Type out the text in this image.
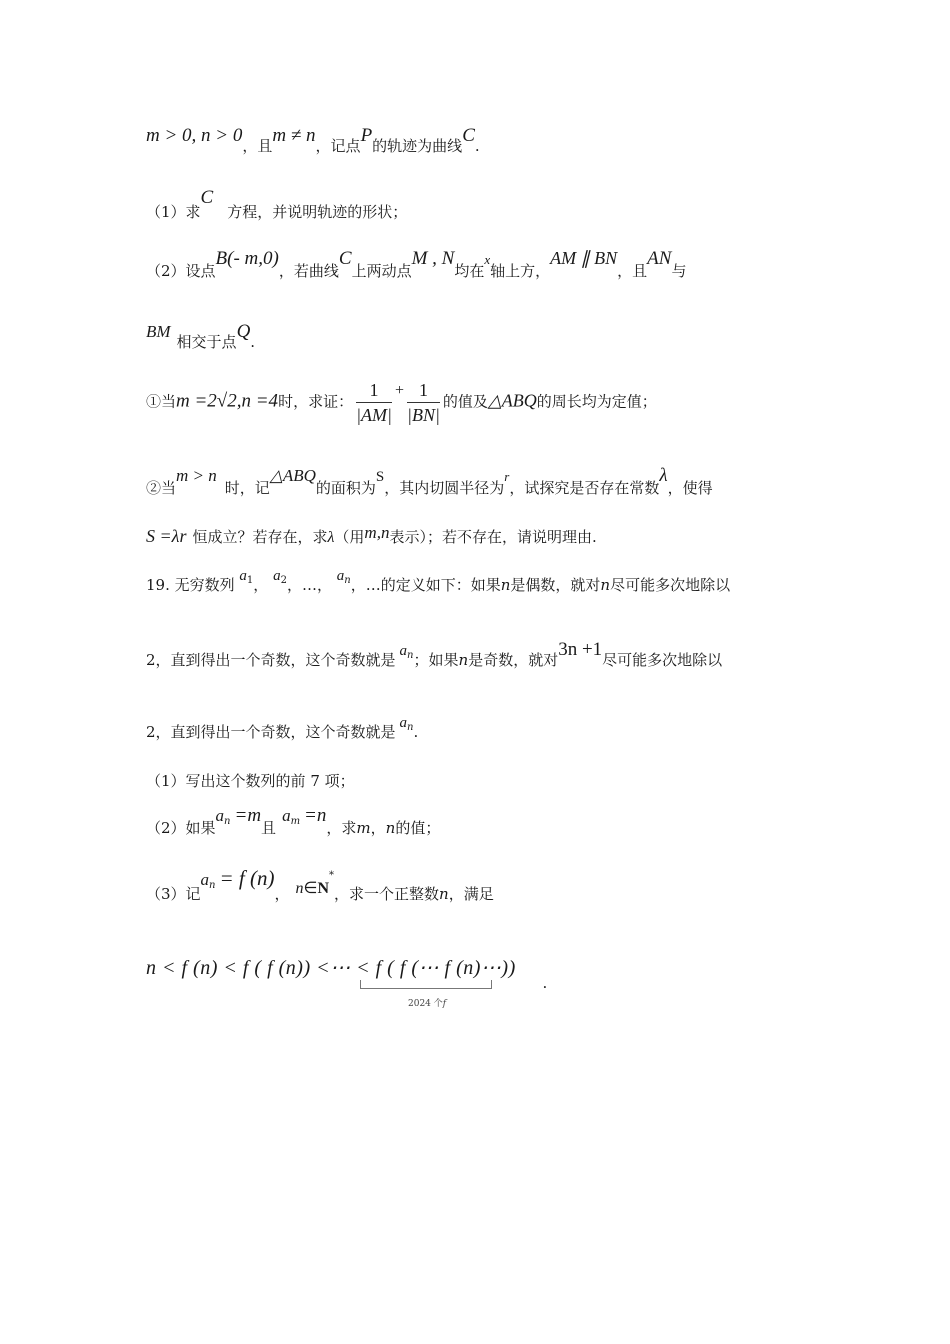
m > 0, n > 0，且m ≠ n，记点P的轨迹为曲线C.
（1）求C方程，并说明轨迹的形状；
（2）设点B(- m,0)，若曲线C上两动点M , N均在x轴上方，AM ∥ BN，且AN与
BM相交于点Q.
①当m =2√2,n =4时，求证： $\frac{1}{|AM|} + \frac{1}{|BN|}$ 的值及△ABQ的周长均为定值；
②当m > n时，记△ABQ的面积为S，其内切圆半径为r，试探究是否存在常数λ，使得
S =λr 恒成立？若存在，求λ（用m,n表示）；若不存在，请说明理由.
19. 无穷数列 $a_1$， $a_2$，…， $a_n$，…的定义如下：如果n是偶数，就对n尽可能多次地除以
2，直到得出一个奇数，这个奇数就是 $a_n$；如果n是奇数，就对3n +1尽可能多次地除以
2，直到得出一个奇数，这个奇数就是 $a_n$.
（1）写出这个数列的前 7 项；
（2）如果$a_n =m$且$a_m =n$，求m，n的值；
（3）记$a_n = f$ (n)， n∈N*，求一个正整数n，满足
n < f (n) < f ( f (n)) <⋯ < f ( f (⋯ f (n)⋯)) .
2024 个f
